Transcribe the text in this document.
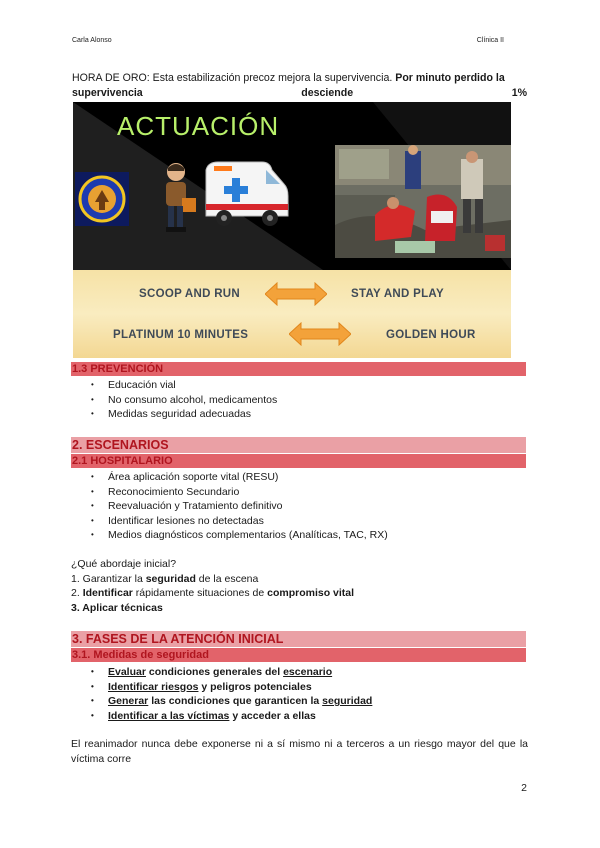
Carla Alonso	Clínica II
HORA DE ORO: Esta estabilización precoz mejora la supervivencia. Por minuto perdido la
supervivencia	desciende	1%
ACTUACIÓN
SCOOP AND RUN	STAY AND PLAY
PLATINUM 10 MINUTES	GOLDEN HOUR
1.3 PREVENCIÓN
• Educación vial
• No consumo alcohol, medicamentos
• Medidas seguridad adecuadas
2. ESCENARIOS
2.1 HOSPITALARIO
• Área aplicación soporte vital (RESU)
• Reconocimiento Secundario
• Reevaluación y Tratamiento definitivo
• Identificar lesiones no detectadas
• Medios diagnósticos complementarios (Analíticas, TAC, RX)
¿Qué abordaje inicial?
1. Garantizar la seguridad de la escena
2. Identificar rápidamente situaciones de compromiso vital
3. Aplicar técnicas
3. FASES DE LA ATENCIÓN INICIAL
3.1. Medidas de seguridad
• Evaluar condiciones generales del escenario
• Identificar riesgos y peligros potenciales
• Generar las condiciones que garanticen la seguridad
• Identificar a las víctimas y acceder a ellas
El reanimador nunca debe exponerse ni a sí mismo ni a terceros a un riesgo mayor del que la víctima corre
2
